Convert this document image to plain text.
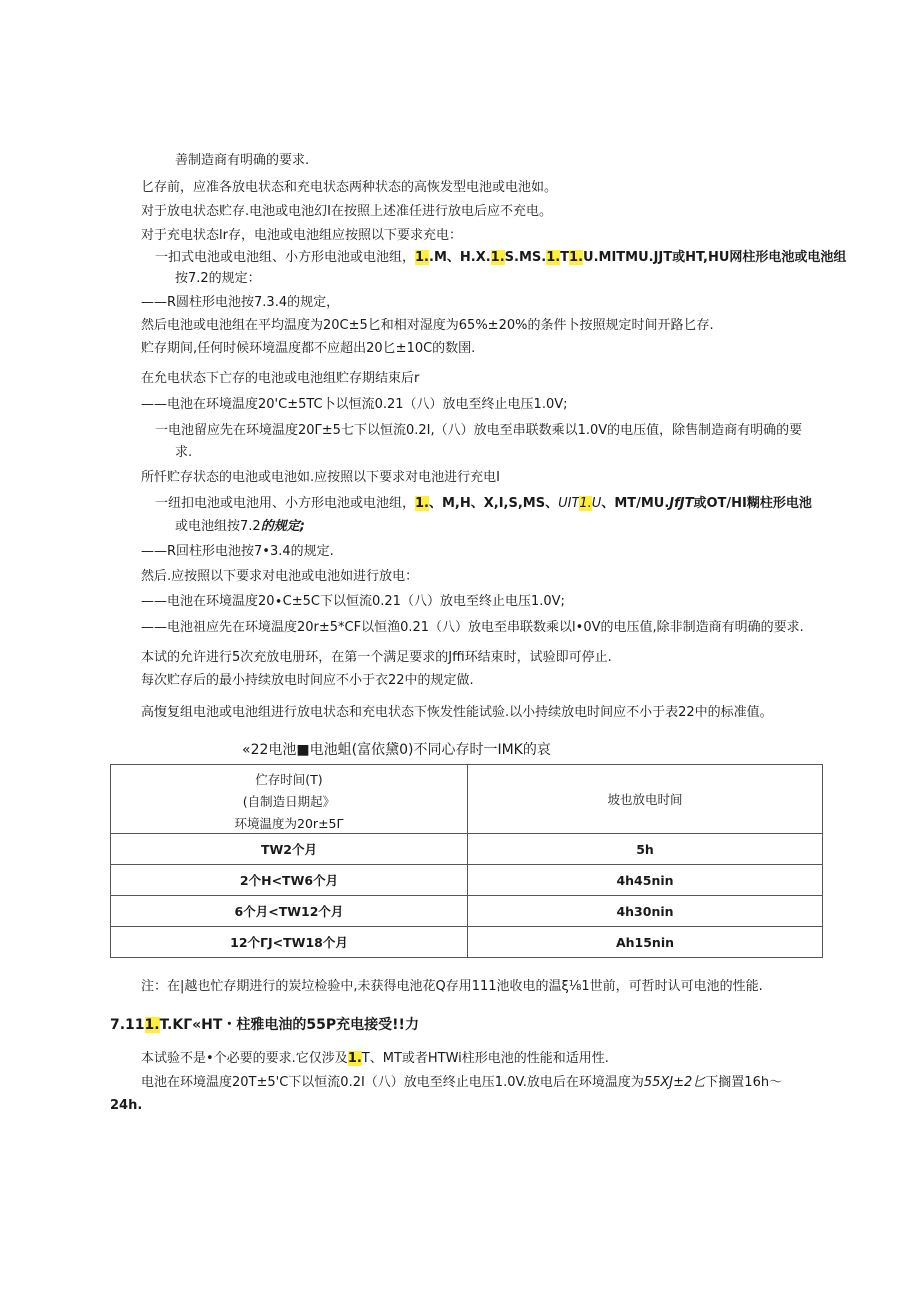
善制造商有明确的要求.
匕存前，应准各放电状态和充电状态两种状态的高恢发型电池或电池如。
对于放电状态贮存.电池或电池幻I在按照上述准任进行放电后应不充电。
对于充电状态lr存，电池或电池组应按照以下要求充电：
一扣式电池或电池组、小方形电池或电池组，1..M、H.X.1.S.MS.1.T1.U.MITMU.JJT或HT,HU网柱形电池或电池组
按7.2的规定：
——R圆柱形电池按7.3.4的规定，
然后电池或电池组在平均温度为20C±5匕和相对湿度为65%±20%的条件卜按照规定时间开路匕存.
贮存期间,任何时候环境温度都不应超出20匕±10C的数圉.
在允电状态下亡存的电池或电池组贮存期结束后r
——电池在环境温度20'C±5TC卜以恒流0.21（八）放电至终止电压1.0V;
一电池留应先在环境温度20Γ±5七下以恒流0.2I,（八）放电至串联数乘以1.0V的电压值，除售制造商有明确的要
求.
所忏贮存状态的电池或电池如.应按照以下要求对电池进行充电I
一纽扣电池或电池用、小方形电池或电池组，1.、M,H、X,I,S,MS、UIT1.U、MT/MU.JfJT或OT/HI糊柱形电池
或电池组按7.2的规定;
——R回柱形电池按7•3.4的规定.
然后.应按照以下要求对电池或电池如进行放电：
——电池在环境温度20∙C±5C下以恒流0.21（八）放电至终止电压1.0V;
——电池祖应先在环境温度20r±5*CF以恒渔0.21（八）放电至串联数乘以l•0V的电压值,除非制造商有明确的要求.
本试的允许进行5次充放电册环，在第一个满足要求的Jffi环结束时，试验即可停止.
每次贮存后的最小持续放电时间应不小于衣22中的规定做.
高愎复组电池或电池组进行放电状态和充电状态下恢发性能试验.以小持续放电时间应不小于表22中的标准值。
«22电池■电池蛆(富依黛0)不同心存时一IMK的哀
伫存时间(T)
(自制造日期起》
环境温度为20r±5Γ	坡也放电时间
TW2个月	5h
2个H<TW6个月	4h45nin
6个月<TW12个月	4h30nin
12个ΓJ<TW18个月	Ah15nin
注：在|越也忙存期进行的炭垃检验中,未获得电池花Q存用111池收电的温ξ⅛1世前，可哲时认可电池的性能.
7.111.T.KГ«HT・柱雅电油的55P充电接受!!力
本试验不是•个必要的要求.它仅涉及1.T、MT或者HTWi柱形电池的性能和适用性.
电池在环境温度20T±5'C下以恒流0.2I（八）放电至终止电压1.0V.放电后在环境温度为55XJ±2匕下搁置16h〜
24h.
